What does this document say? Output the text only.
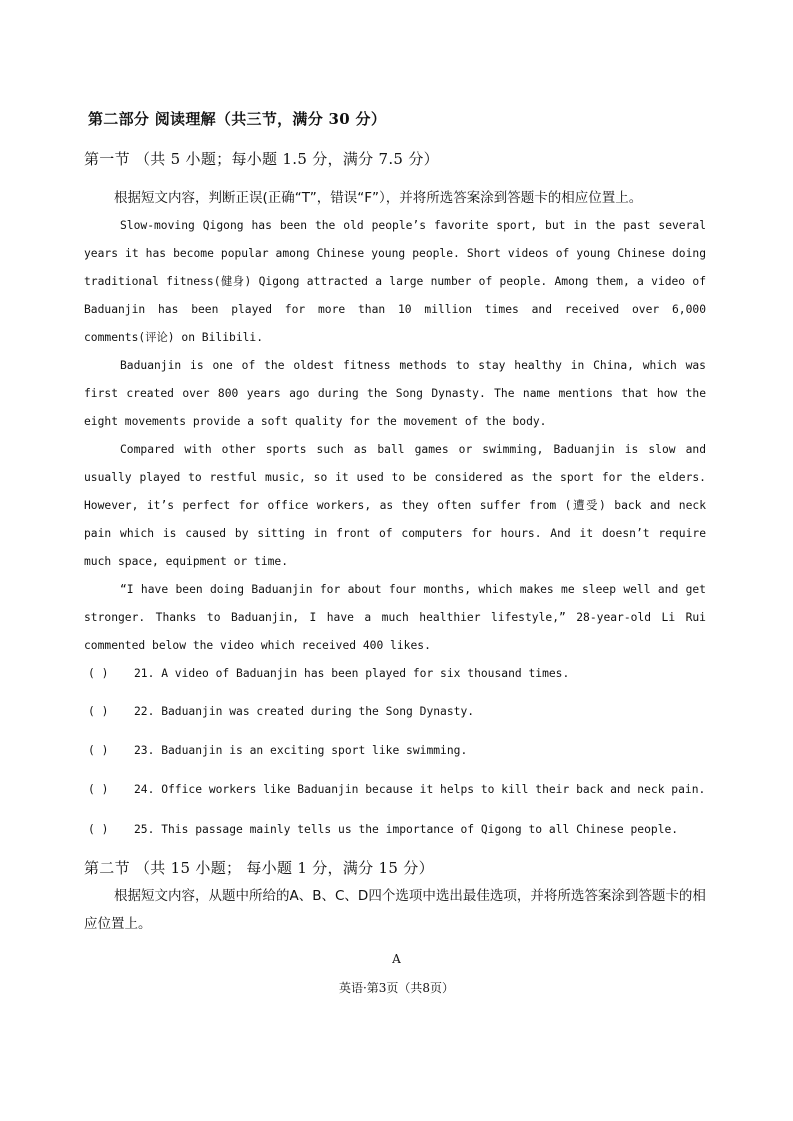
第二部分 阅读理解（共三节，满分 30 分）
第一节 （共 5 小题；每小题 1.5 分，满分 7.5 分）
根据短文内容，判断正误(正确“T”，错误“F”），并将所选答案涂到答题卡的相应位置上。

Slow-moving Qigong has been the old people’s favorite sport, but in the past several years it has become popular among Chinese young people. Short videos of young Chinese doing traditional fitness(健身) Qigong attracted a large number of people. Among them, a video of Baduanjin has been played for more than 10 million times and received over 6,000 comments(评论) on Bilibili.

Baduanjin is one of the oldest fitness methods to stay healthy in China, which was first created over 800 years ago during the Song Dynasty. The name mentions that how the eight movements provide a soft quality for the movement of the body.

Compared with other sports such as ball games or swimming, Baduanjin is slow and usually played to restful music, so it used to be considered as the sport for the elders. However, it’s perfect for office workers, as they often suffer from (遭受) back and neck pain which is caused by sitting in front of computers for hours. And it doesn’t require much space, equipment or time.

“I have been doing Baduanjin for about four months, which makes me sleep well and get stronger. Thanks to Baduanjin, I have a much healthier lifestyle,” 28-year-old Li Rui commented below the video which received 400 likes.

( ) 21. A video of Baduanjin has been played for six thousand times.
( ) 22. Baduanjin was created during the Song Dynasty.
( ) 23. Baduanjin is an exciting sport like swimming.
( ) 24. Office workers like Baduanjin because it helps to kill their back and neck pain.
( ) 25. This passage mainly tells us the importance of Qigong to all Chinese people.
第二节 （共 15 小题； 每小题 1 分，满分 15 分）
根据短文内容，从题中所给的A、B、C、D四个选项中选出最佳选项，并将所选答案涂到答题卡的相应位置上。
A
英语·第3页（共8页）
